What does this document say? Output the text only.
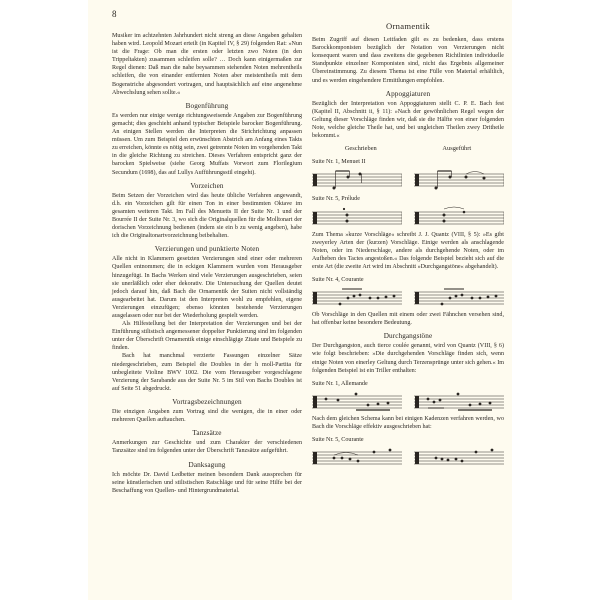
8

Musiker im achtzehnten Jahrhundert nicht streng an diese Angaben gehalten haben wird. Leopold Mozart erteilt (in Kapitel IV, § 29) folgenden Rat: »Nun ist die Frage: Ob man die ersten oder letzten zwo Noten (in den Trippeltakten) zusammen schleifen solle? … Doch kann einigermaßen zur Regel dienen: Daß man die nahe beysammen stehenden Noten mehrentheils schleifen, die von einander entfernten Noten aber meistentheils mit dem Bogenstriche abgesondert vortragen, und hauptsächlich auf eine angenehme Abwechslung sehen sollte.«

Bogenführung

Es werden nur einige wenige richtungsweisende Angaben zur Bogenführung gemacht; dies geschieht anhand typischer Beispiele barocker Bogenführung. An einigen Stellen werden die Interpreten die Strichrichtung anpassen müssen. Um zum Beispiel den erwünschten Abstrich am Anfang eines Takts zu erreichen, könnte es nötig sein, zwei getrennte Noten im vorgehenden Takt in die gleiche Richtung zu streichen. Dieses Verfahren entspricht ganz der barocken Spielweise (siehe Georg Muffats Vorwort zum Florilegium Secundum (1698), das auf Lullys Aufführungsstil eingeht).

Vorzeichen

Beim Setzen der Vorzeichen wird das heute übliche Verfahren angewandt, d.h. ein Vorzeichen gilt für einen Ton in einer bestimmten Oktave im gesamten weiteren Takt. Im Fall des Menuetts II der Suite Nr. 1 und der Bourrée II der Suite Nr. 3, wo sich die Originalquellen für die Molltonart der dorischen Vorzeichnung bedienen (indem sie ein b zu wenig angeben), habe ich die Originaltonartvorzeichnung beibehalten.

Verzierungen und punktierte Noten

Alle nicht in Klammern gesetzten Verzierungen sind einer oder mehreren Quellen entnommen; die in eckigen Klammern wurden vom Herausgeber hinzugefügt. In Bachs Werken sind viele Verzierungen ausgeschrieben, seien sie unerläßlich oder eher dekorativ. Die Untersuchung der Quellen deutet jedoch darauf hin, daß Bach die Ornamentik der Suiten nicht vollständig ausgearbeitet hat. Darum ist den Interpreten wohl zu empfehlen, eigene Verzierungen einzufügen; ebenso könnten bestehende Verzierungen ausgelassen oder nur bei der Wiederholung gespielt werden.

Als Hilfestellung bei der Interpretation der Verzierungen und bei der Einführung stilistisch angemessener doppelter Punktierung sind im folgenden unter der Überschrift Ornamentik einige einschlägige Zitate und Beispiele zu finden.

Bach hat manchmal verzierte Fassungen einzelner Sätze niedergeschrieben, zum Beispiel die Doubles in der h moll-Partita für unbegleitete Violine BWV 1002. Die vom Herausgeber vorgeschlagene Verzierung der Sarabande aus der Suite Nr. 5 im Stil von Bachs Doubles ist auf Seite 51 abgedruckt.

Vortragsbezeichnungen

Die einzigen Angaben zum Vortrag sind die wenigen, die in einer oder mehreren Quellen auftauchen.

Tanzsätze

Anmerkungen zur Geschichte und zum Charakter der verschiedenen Tanzsätze sind im folgenden unter der Überschrift Tanzsätze aufgeführt.

Danksagung

Ich möchte Dr. David Ledbetter meinen besondern Dank aussprechen für seine künstlerischen und stilistischen Ratschläge und für seine Hilfe bei der Beschaffung von Quellen- und Hintergrundmaterial.

Ornamentik

Beim Zugriff auf diesen Leitfaden gilt es zu bedenken, dass erstens Barockkomponisten bezüglich der Notation von Verzierungen nicht konsequent waren und dass zweitens die gegebenen Richtlinien individuelle Standpunkte einzelner Komponisten sind, nicht das Ergebnis allgemeiner Übereinstimmung. Zu diesem Thema ist eine Fülle von Material erhältlich, und es werden eingehendere Ermittlungen empfohlen.

Appoggiaturen

Bezüglich der Interpretation von Appoggiaturen stellt C. P. E. Bach fest (Kapitel II, Abschnitt ii, § 11): »Nach der gewöhnlichen Regel wegen der Geltung dieser Vorschläge finden wir, daß sie die Hälfte von einer folgenden Note, welche gleiche Theile hat, und bei ungleichen Theilen zwey Dritheile bekommt.«

Geschrieben	Ausgeführt
Suite Nr. 1, Menuet II
Suite Nr. 5, Prélude

Zum Thema »kurze Vorschläge« schreibt J. J. Quantz (VIII, § 5): »Es gibt zweyerley Arten der (kurzen) Vorschläge. Einige werden als anschlagende Noten, oder im Niederschlage, andere als durchgehende Noten, oder im Aufheben des Tactes angestoßen.« Das folgende Beispiel bezieht sich auf die erste Art (die zweite Art wird im Abschnitt »Durchgangstöne« abgehandelt).

Suite Nr. 4, Courante

Ob Vorschläge in den Quellen mit einem oder zwei Fähnchen versehen sind, hat offenbar keine besondere Bedeutung.

Durchgangstöne

Der Durchgangston, auch tierce coulée genannt, wird von Quantz (VIII, § 6) wie folgt beschrieben: »Die durchgehenden Vorschläge finden sich, wenn einige Noten von einerley Geltung durch Terzensprünge unter sich gehen.« Im folgenden Beispiel ist ein Triller enthalten:

Suite Nr. 1, Allemande

Nach dem gleichen Schema kann bei einigen Kadenzen verfahren werden, wo Bach die Vorschläge effektiv ausgeschrieben hat:

Suite Nr. 5, Courante
